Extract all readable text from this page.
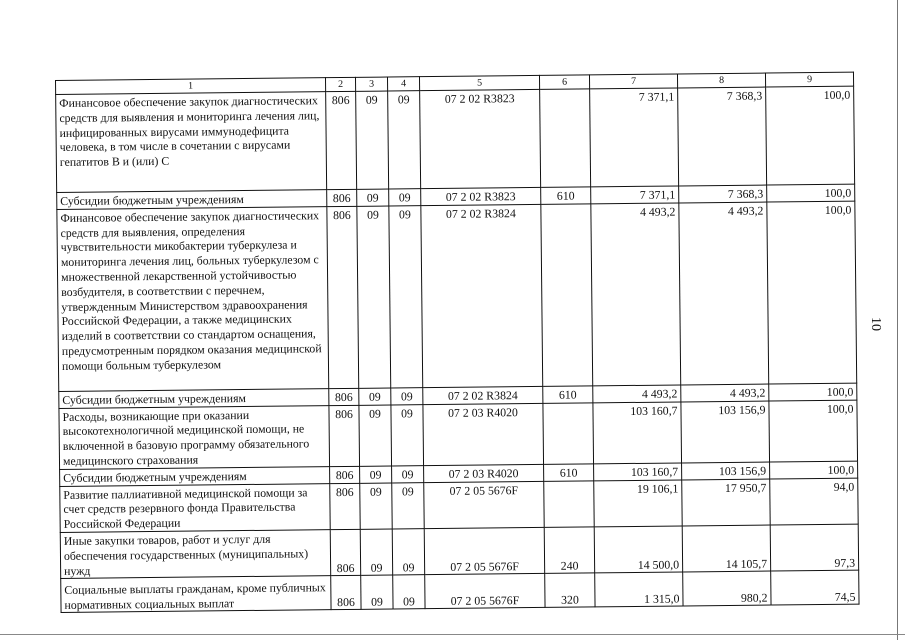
10
1	2	3	4	5	6	7	8	9
Финансовое обеспечение закупок диагностических средств для выявления и мониторинга лечения лиц, инфицированных вирусами иммунодефицита человека, в том числе в сочетании с вирусами гепатитов B и (или) C	806	09	09	07 2 02 R3823		7 371,1	7 368,3	100,0
Субсидии бюджетным учреждениям	806	09	09	07 2 02 R3823	610	7 371,1	7 368,3	100,0
Финансовое обеспечение закупок диагностических средств для выявления, определения чувствительности микобактерии туберкулеза и мониторинга лечения лиц, больных туберкулезом с множественной лекарственной устойчивостью возбудителя, в соответствии с перечнем, утвержденным Министерством здравоохранения Российской Федерации, а также медицинских изделий в соответствии со стандартом оснащения, предусмотренным порядком оказания медицинской помощи больным туберкулезом	806	09	09	07 2 02 R3824		4 493,2	4 493,2	100,0
Субсидии бюджетным учреждениям	806	09	09	07 2 02 R3824	610	4 493,2	4 493,2	100,0
Расходы, возникающие при оказании высокотехнологичной медицинской помощи, не включенной в базовую программу обязательного медицинского страхования	806	09	09	07 2 03 R4020		103 160,7	103 156,9	100,0
Субсидии бюджетным учреждениям	806	09	09	07 2 03 R4020	610	103 160,7	103 156,9	100,0
Развитие паллиативной медицинской помощи за счет средств резервного фонда Правительства Российской Федерации	806	09	09	07 2 05 5676F		19 106,1	17 950,7	94,0
Иные закупки товаров, работ и услуг для обеспечения государственных (муниципальных) нужд	806	09	09	07 2 05 5676F	240	14 500,0	14 105,7	97,3
Социальные выплаты гражданам, кроме публичных нормативных социальных выплат	806	09	09	07 2 05 5676F	320	1 315,0	980,2	74,5
